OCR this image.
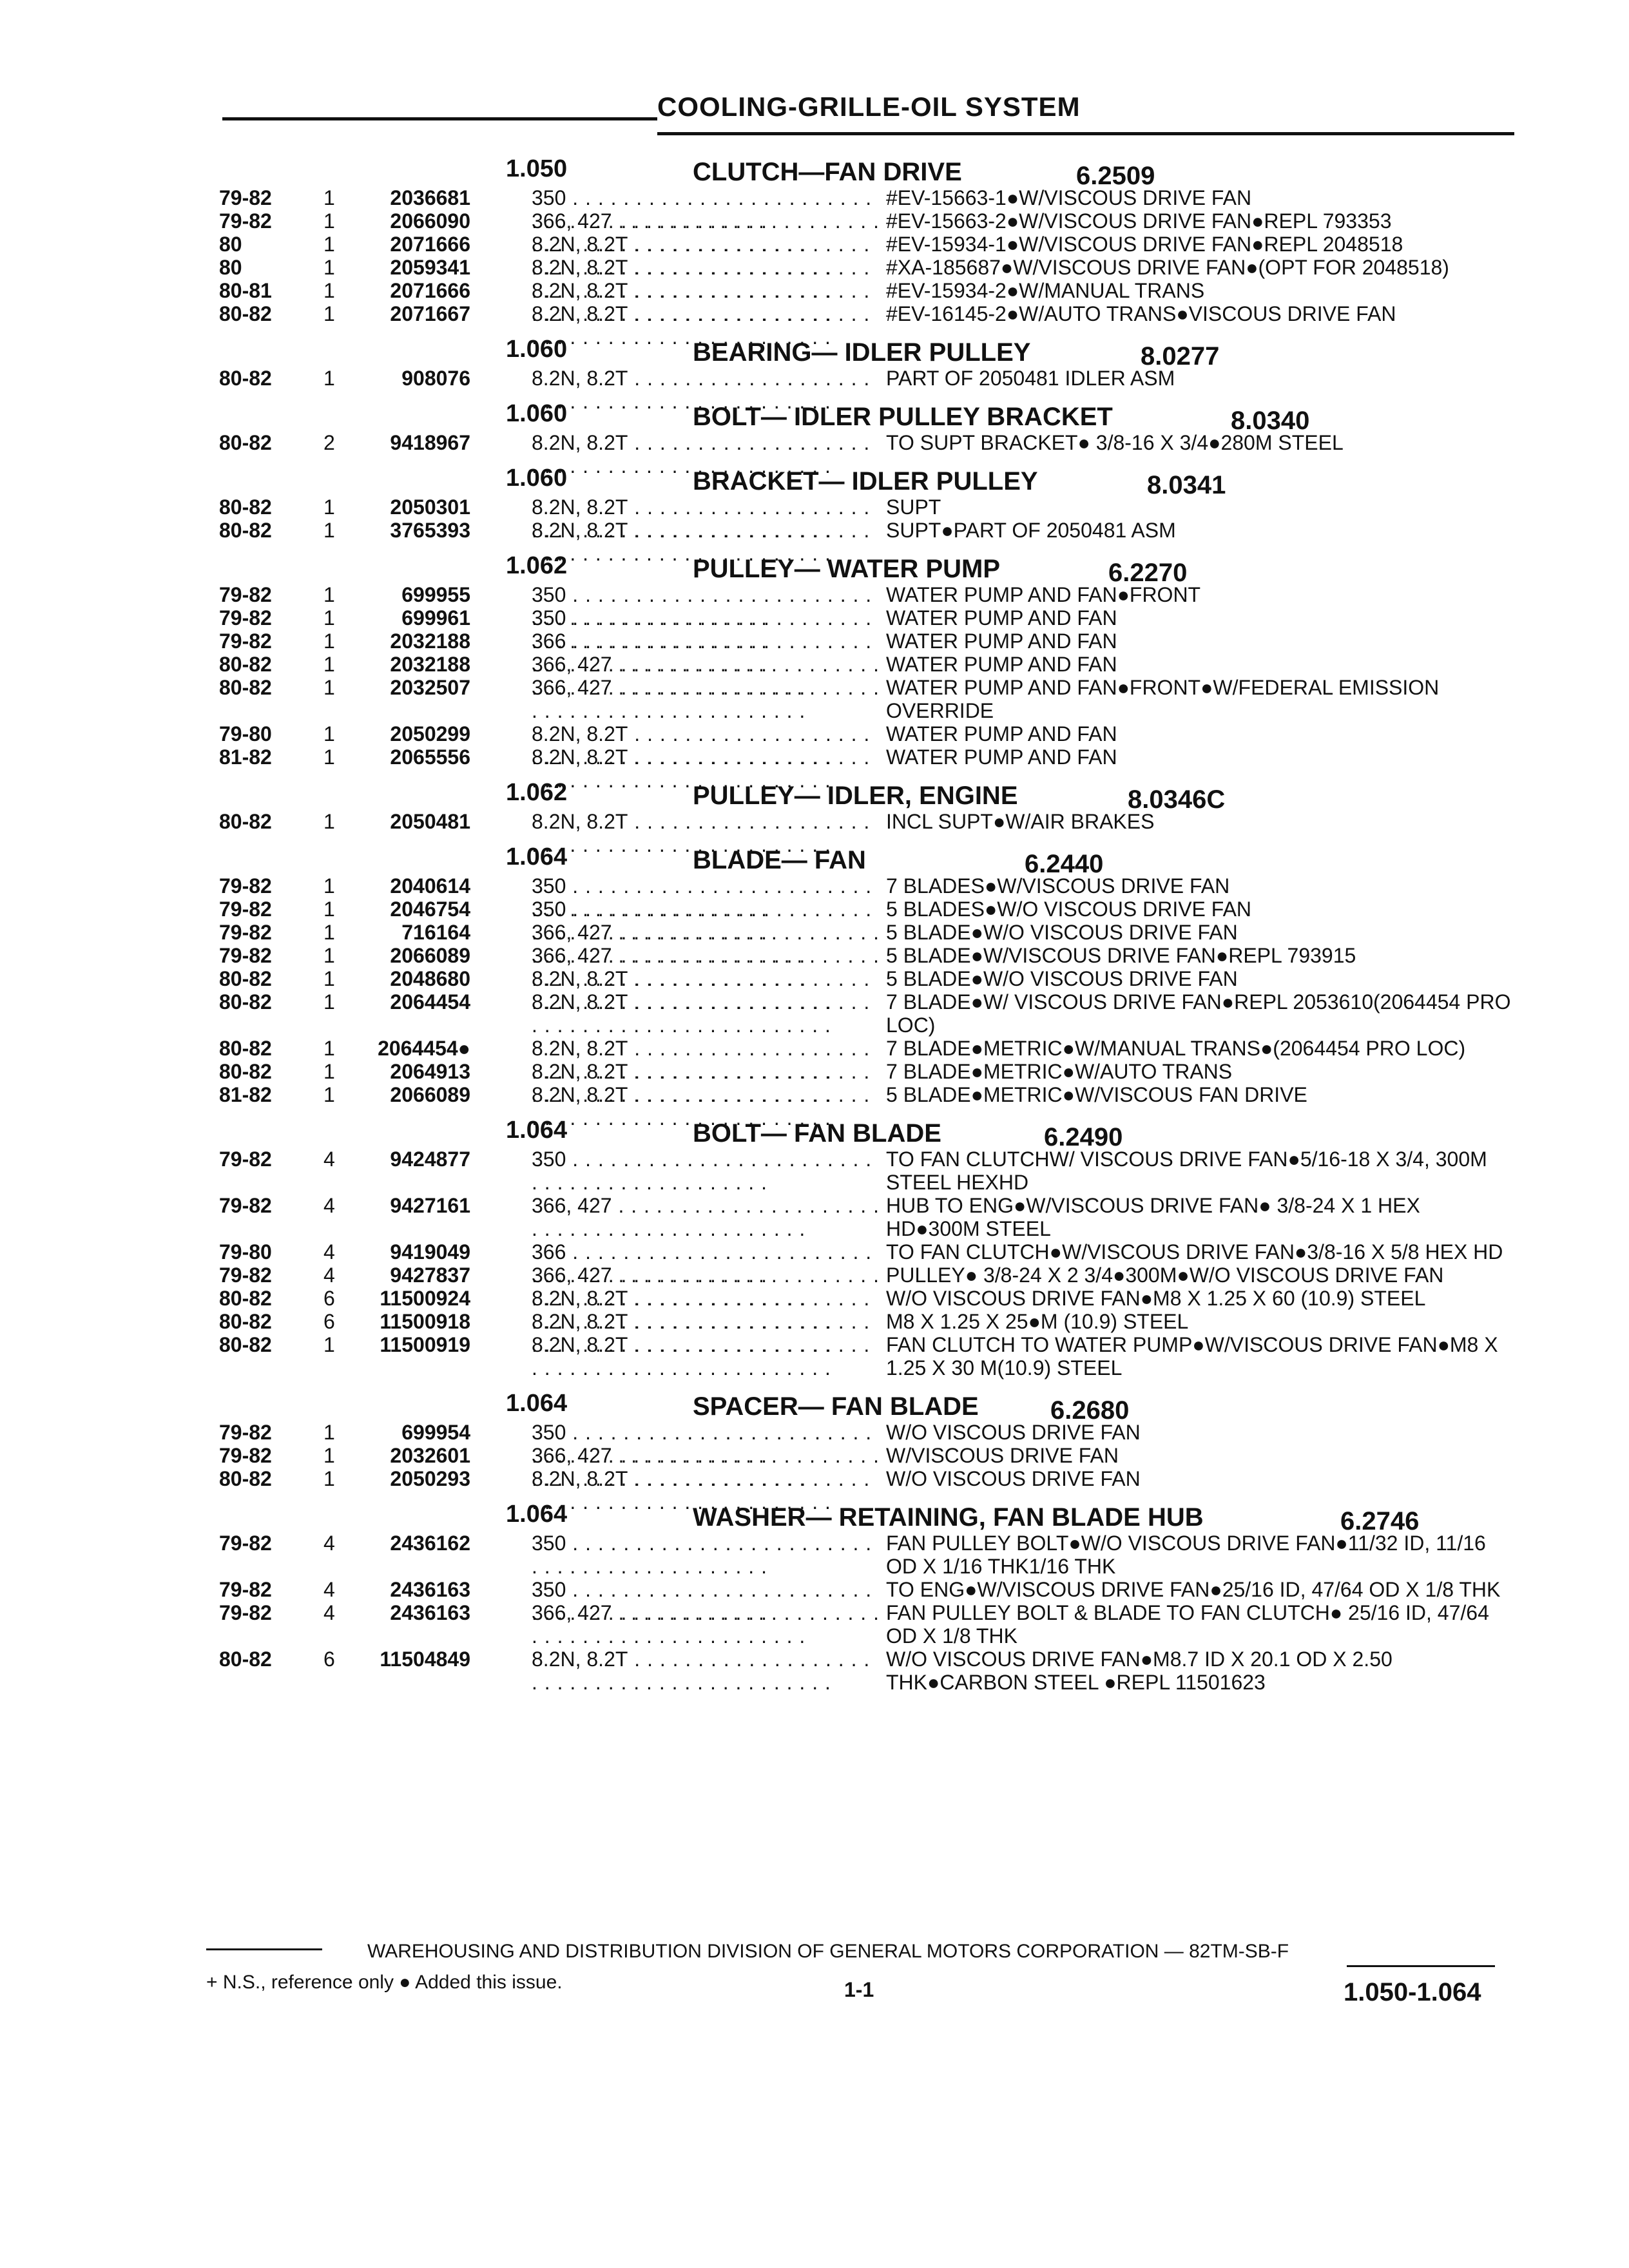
COOLING-GRILLE-OIL SYSTEM
1.050	CLUTCH—FAN DRIVE	6.2509
79-82	1	2036681	350 . . .	#EV-15663-1●W/VISCOUS DRIVE FAN
79-82	1	2066090	366, 427 . . .	#EV-15663-2●W/VISCOUS DRIVE FAN●REPL 793353
80	1	2071666	8.2N, 8.2T . . .	#EV-15934-1●W/VISCOUS DRIVE FAN●REPL 2048518
80	1	2059341	8.2N, 8.2T . . .	#XA-185687●W/VISCOUS DRIVE FAN●(OPT FOR 2048518)
80-81	1	2071666	8.2N, 8.2T . . .	#EV-15934-2●W/MANUAL TRANS
80-82	1	2071667	8.2N, 8.2T . . .	#EV-16145-2●W/AUTO TRANS●VISCOUS DRIVE FAN
1.060	BEARING— IDLER PULLEY	8.0277
80-82	1	908076	8.2N, 8.2T . . .	PART OF 2050481 IDLER ASM
1.060	BOLT— IDLER PULLEY BRACKET	8.0340
80-82	2	9418967	8.2N, 8.2T . . .	TO SUPT BRACKET● 3/8-16 X 3/4●280M STEEL
1.060	BRACKET— IDLER PULLEY	8.0341
80-82	1	2050301	8.2N, 8.2T . . .	SUPT
80-82	1	3765393	8.2N, 8.2T . . .	SUPT●PART OF 2050481 ASM
1.062	PULLEY— WATER PUMP	6.2270
79-82	1	699955	350 . . .	WATER PUMP AND FAN●FRONT
79-82	1	699961	350 . . .	WATER PUMP AND FAN
79-82	1	2032188	366 . . .	WATER PUMP AND FAN
80-82	1	2032188	366, 427 . . .	WATER PUMP AND FAN
80-82	1	2032507	366, 427 . . .	WATER PUMP AND FAN●FRONT●W/FEDERAL EMISSION OVERRIDE
79-80	1	2050299	8.2N, 8.2T . . .	WATER PUMP AND FAN
81-82	1	2065556	8.2N, 8.2T . . .	WATER PUMP AND FAN
1.062	PULLEY— IDLER, ENGINE	8.0346C
80-82	1	2050481	8.2N, 8.2T . . .	INCL SUPT●W/AIR BRAKES
1.064	BLADE— FAN	6.2440
79-82	1	2040614	350 . . .	7 BLADES●W/VISCOUS DRIVE FAN
79-82	1	2046754	350 . . .	5 BLADES●W/O VISCOUS DRIVE FAN
79-82	1	716164	366, 427 . . .	5 BLADE●W/O VISCOUS DRIVE FAN
79-82	1	2066089	366, 427 . . .	5 BLADE●W/VISCOUS DRIVE FAN●REPL 793915
80-82	1	2048680	8.2N, 8.2T . . .	5 BLADE●W/O VISCOUS DRIVE FAN
80-82	1	2064454	8.2N, 8.2T . . .	7 BLADE●W/ VISCOUS DRIVE FAN●REPL 2053610(2064454 PRO LOC)
80-82	1 2064454●	8.2N, 8.2T . . .	7 BLADE●METRIC●W/MANUAL TRANS●(2064454 PRO LOC)
80-82	1	2064913	8.2N, 8.2T . . .	7 BLADE●METRIC●W/AUTO TRANS
81-82	1	2066089	8.2N, 8.2T . . .	5 BLADE●METRIC●W/VISCOUS FAN DRIVE
1.064	BOLT— FAN BLADE	6.2490
79-82	4	9424877	350 . . .	TO FAN CLUTCHW/ VISCOUS DRIVE FAN●5/16-18 X 3/4, 300M STEEL HEXHD
79-82	4	9427161	366, 427 . . .	HUB TO ENG●W/VISCOUS DRIVE FAN● 3/8-24 X 1 HEX HD●300M STEEL
79-80	4	9419049	366 . . .	TO FAN CLUTCH●W/VISCOUS DRIVE FAN●3/8-16 X 5/8 HEX HD
79-82	4	9427837	366, 427 . . .	PULLEY● 3/8-24 X 2 3/4●300M●W/O VISCOUS DRIVE FAN
80-82	6 11500924	8.2N, 8.2T . . .	W/O VISCOUS DRIVE FAN●M8 X 1.25 X 60 (10.9) STEEL
80-82	6 11500918	8.2N, 8.2T . . .	M8 X 1.25 X 25●M (10.9) STEEL
80-82	1 11500919	8.2N, 8.2T . . .	FAN CLUTCH TO WATER PUMP●W/VISCOUS DRIVE FAN●M8 X 1.25 X 30 M(10.9) STEEL
1.064	SPACER— FAN BLADE	6.2680
79-82	1	699954	350 . . .	W/O VISCOUS DRIVE FAN
79-82	1	2032601	366, 427 . . .	W/VISCOUS DRIVE FAN
80-82	1	2050293	8.2N, 8.2T . . .	W/O VISCOUS DRIVE FAN
1.064	WASHER— RETAINING, FAN BLADE HUB	6.2746
79-82	4	2436162	350 . . .	FAN PULLEY BOLT●W/O VISCOUS DRIVE FAN●11/32 ID, 11/16 OD X 1/16 THK1/16 THK
79-82	4	2436163	350 . . .	TO ENG●W/VISCOUS DRIVE FAN●25/16 ID, 47/64 OD X 1/8 THK
79-82	4	2436163	366, 427 . . .	FAN PULLEY BOLT & BLADE TO FAN CLUTCH● 25/16 ID, 47/64 OD X 1/8 THK
80-82	6 11504849	8.2N, 8.2T . . .	W/O VISCOUS DRIVE FAN●M8.7 ID X 20.1 OD X 2.50 THK●CARBON STEEL ●REPL 11501623
WAREHOUSING AND DISTRIBUTION DIVISION OF GENERAL MOTORS CORPORATION — 82TM-SB-F
+ N.S., reference only ● Added this issue.	1-1	1.050-1.064
